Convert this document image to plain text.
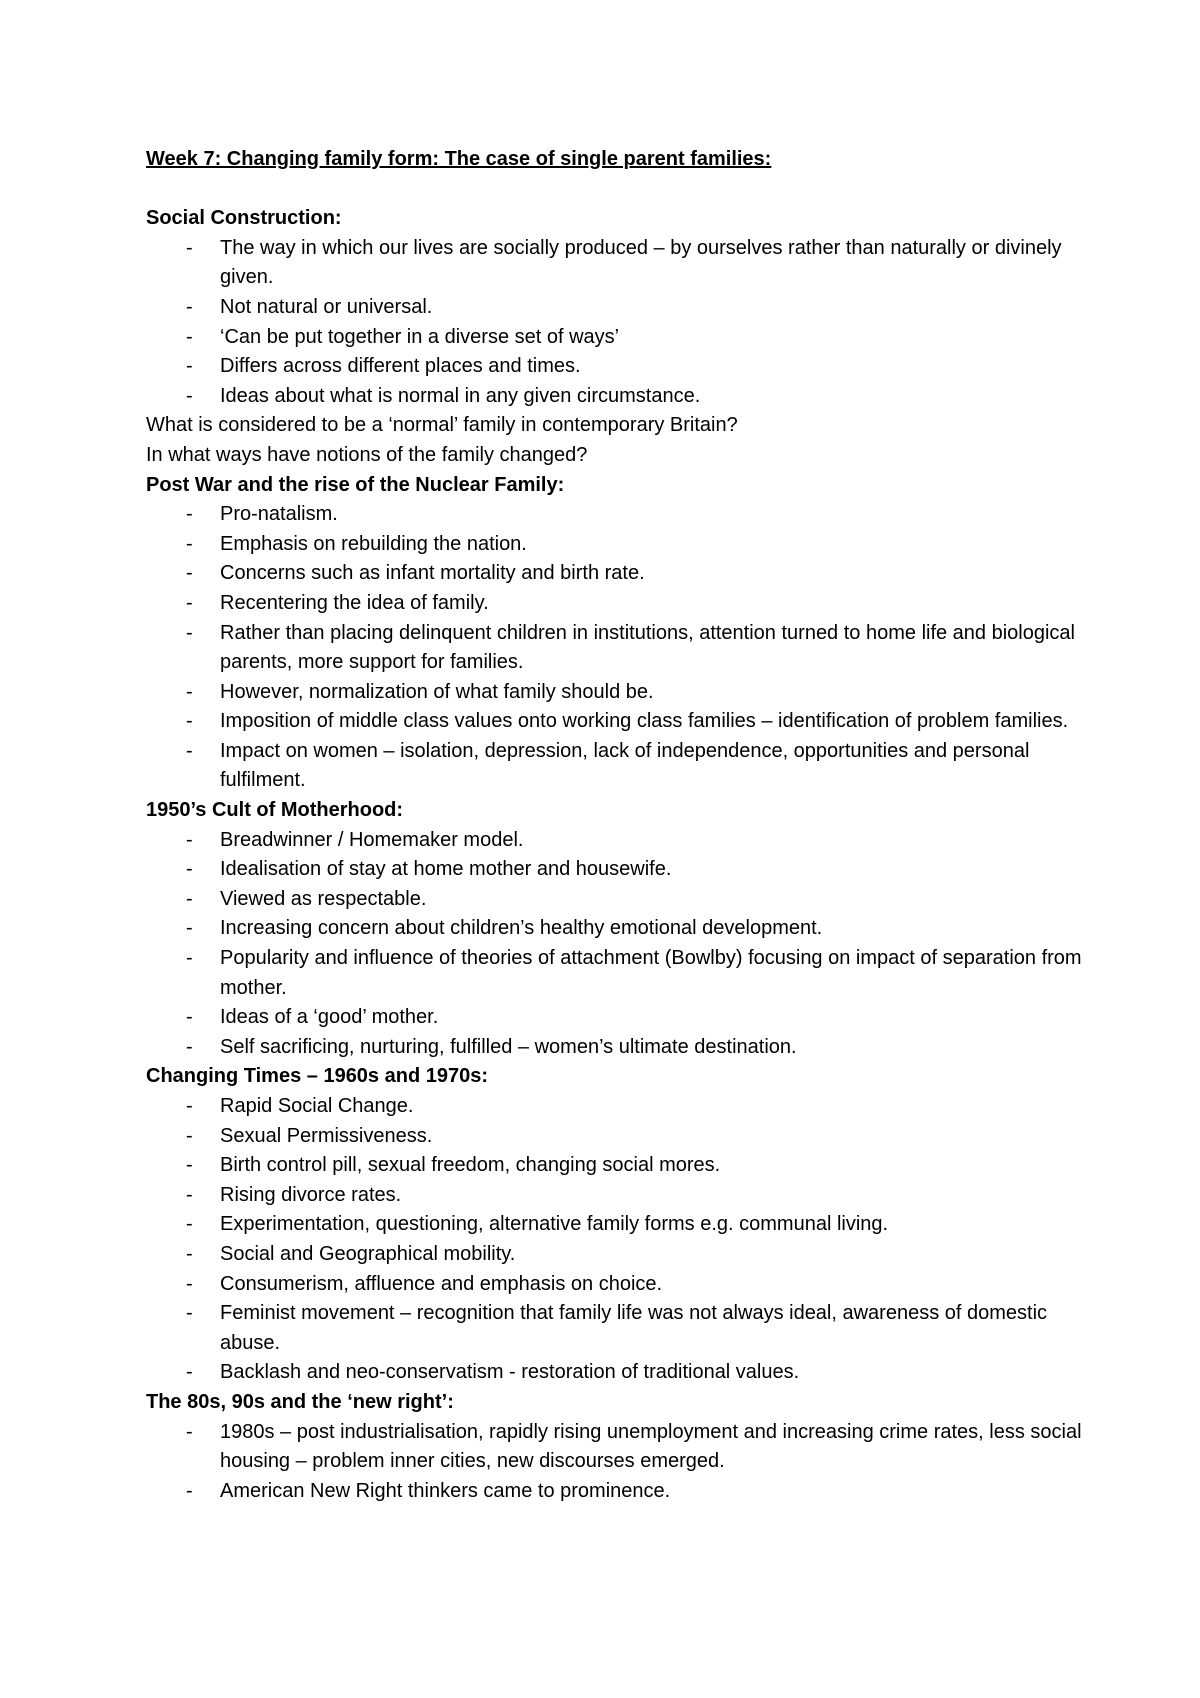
Week 7: Changing family form: The case of single parent families:

Social Construction:

- The way in which our lives are socially produced – by ourselves rather than naturally or divinely given.
- Not natural or universal.
- ‘Can be put together in a diverse set of ways’
- Differs across different places and times.
- Ideas about what is normal in any given circumstance.

What is considered to be a ‘normal’ family in contemporary Britain?

In what ways have notions of the family changed?

Post War and the rise of the Nuclear Family:

- Pro-natalism.
- Emphasis on rebuilding the nation.
- Concerns such as infant mortality and birth rate.
- Recentering the idea of family.
- Rather than placing delinquent children in institutions, attention turned to home life and biological parents, more support for families.
- However, normalization of what family should be.
- Imposition of middle class values onto working class families – identification of problem families.
- Impact on women – isolation, depression, lack of independence, opportunities and personal fulfilment.

1950’s Cult of Motherhood:

- Breadwinner / Homemaker model.
- Idealisation of stay at home mother and housewife.
- Viewed as respectable.
- Increasing concern about children’s healthy emotional development.
- Popularity and influence of theories of attachment (Bowlby) focusing on impact of separation from mother.
- Ideas of a ‘good’ mother.
- Self sacrificing, nurturing, fulfilled – women’s ultimate destination.

Changing Times – 1960s and 1970s:

- Rapid Social Change.
- Sexual Permissiveness.
- Birth control pill, sexual freedom, changing social mores.
- Rising divorce rates.
- Experimentation, questioning, alternative family forms e.g. communal living.
- Social and Geographical mobility.
- Consumerism, affluence and emphasis on choice.
- Feminist movement – recognition that family life was not always ideal, awareness of domestic abuse.
- Backlash and neo-conservatism - restoration of traditional values.

The 80s, 90s and the ‘new right’:

- 1980s – post industrialisation, rapidly rising unemployment and increasing crime rates, less social housing – problem inner cities, new discourses emerged.
- American New Right thinkers came to prominence.
